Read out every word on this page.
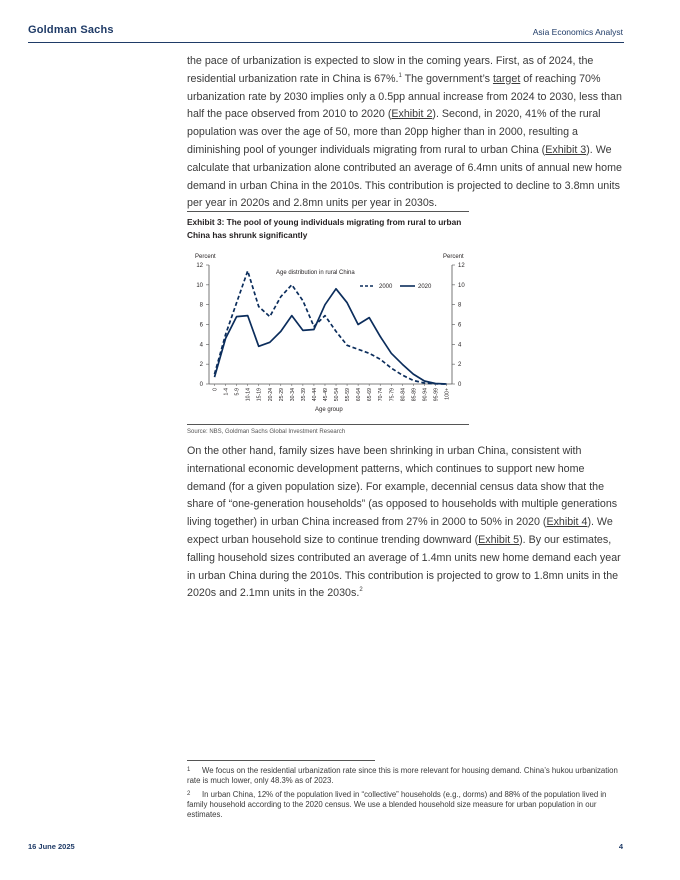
Goldman Sachs	Asia Economics Analyst

the pace of urbanization is expected to slow in the coming years. First, as of 2024, the residential urbanization rate in China is 67%.$^1$ The government’s target of reaching 70% urbanization rate by 2030 implies only a 0.5pp annual increase from 2024 to 2030, less than half the pace observed from 2010 to 2020 (Exhibit 2). Second, in 2020, 41% of the rural population was over the age of 50, more than 20pp higher than in 2000, resulting a diminishing pool of younger individuals migrating from rural to urban China (Exhibit 3). We calculate that urbanization alone contributed an average of 6.4mn units of annual new home demand in urban China in the 2010s. This contribution is projected to decline to 3.8mn units per year in 2020s and 2.8mn units per year in 2030s.

Exhibit 3: The pool of young individuals migrating from rural to urban China has shrunk significantly
0	0
2	2
4	4
6	6
8	8
10	10
12	12
0 1-4 5-9 10-14 15-19 20-24 25-29 30-34 35-39 40-44 45-49 50-54 55-59 60-64 65-69 70-74 75-79 80-84 85-89 90-94 95-99 100+
Percent	Percent
Age distribution in rural China
Age group
2000	2020
Source: NBS, Goldman Sachs Global Investment Research

On the other hand, family sizes have been shrinking in urban China, consistent with international economic development patterns, which continues to support new home demand (for a given population size). For example, decennial census data show that the share of “one-generation households” (as opposed to households with multiple generations living together) in urban China increased from 27% in 2000 to 50% in 2020 (Exhibit 4). We expect urban household size to continue trending downward (Exhibit 5). By our estimates, falling household sizes contributed an average of 1.4mn units new home demand each year in urban China during the 2010s. This contribution is projected to grow to 1.8mn units in the 2020s and 2.1mn units in the 2030s.$^2$

1 We focus on the residential urbanization rate since this is more relevant for housing demand. China’s hukou urbanization rate is much lower, only 48.3% as of 2023.
2 In urban China, 12% of the population lived in “collective” households (e.g., dorms) and 88% of the population lived in family household according to the 2020 census. We use a blended household size measure for urban population in our estimates.
16 June 2025	4
